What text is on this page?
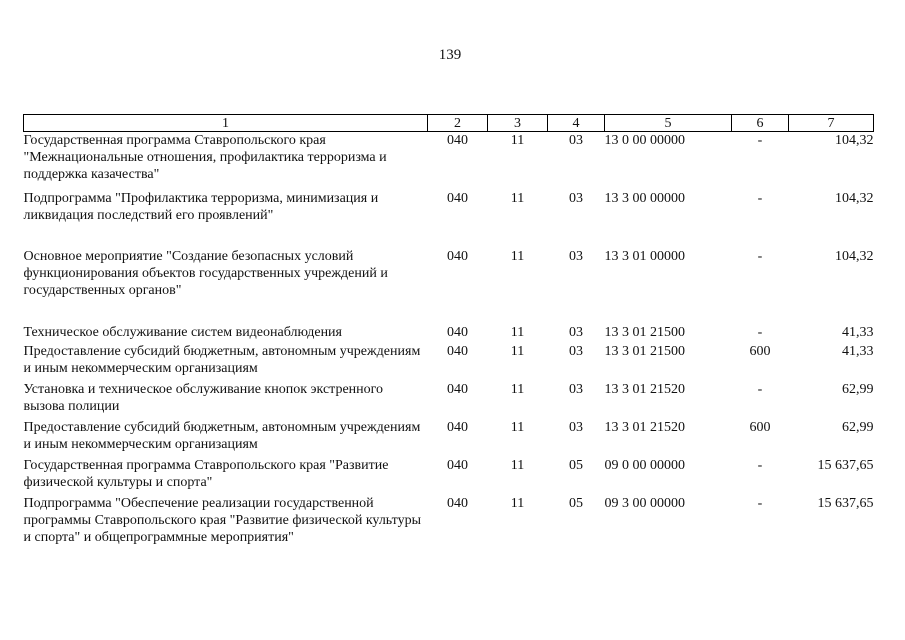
139
1	2	3	4	5	6	7
Государственная программа Ставропольского края "Межнациональные отношения, профилактика терроризма и поддержка казачества"	040	11	03	13 0 00 00000	-	104,32
Подпрограмма "Профилактика терроризма, минимизация и ликвидация последствий его проявлений"	040	11	03	13 3 00 00000	-	104,32
Основное мероприятие "Создание безопасных условий функционирования объектов государственных учреждений и государственных органов"	040	11	03	13 3 01 00000	-	104,32
Техническое обслуживание систем видеонаблюдения	040	11	03	13 3 01 21500	-	41,33
Предоставление субсидий бюджетным, автономным учреждениям и иным некоммерческим организациям	040	11	03	13 3 01 21500	600	41,33
Установка и техническое обслуживание кнопок экстренного вызова полиции	040	11	03	13 3 01 21520	-	62,99
Предоставление субсидий бюджетным, автономным учреждениям и иным некоммерческим организациям	040	11	03	13 3 01 21520	600	62,99
Государственная программа Ставропольского края "Развитие физической культуры и спорта"	040	11	05	09 0 00 00000	-	15 637,65
Подпрограмма "Обеспечение реализации государственной программы Ставропольского края "Развитие физической культуры и спорта" и общепрограммные мероприятия"	040	11	05	09 3 00 00000	-	15 637,65
